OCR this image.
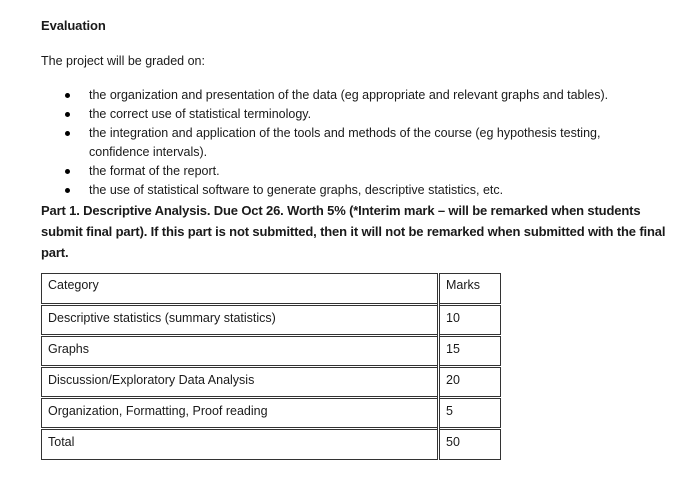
Evaluation
The project will be graded on:
the organization and presentation of the data (eg appropriate and relevant graphs and tables).
the correct use of statistical terminology.
the integration and application of the tools and methods of the course (eg hypothesis testing, confidence intervals).
the format of the report.
the use of statistical software to generate graphs, descriptive statistics, etc.
Part 1. Descriptive Analysis. Due Oct 26. Worth 5% (*Interim mark – will be remarked when students submit final part). If this part is not submitted, then it will not be remarked when submitted with the final part.
Category	Marks
Descriptive statistics (summary statistics)	10
Graphs	15
Discussion/Exploratory Data Analysis	20
Organization, Formatting, Proof reading	5
Total	50
